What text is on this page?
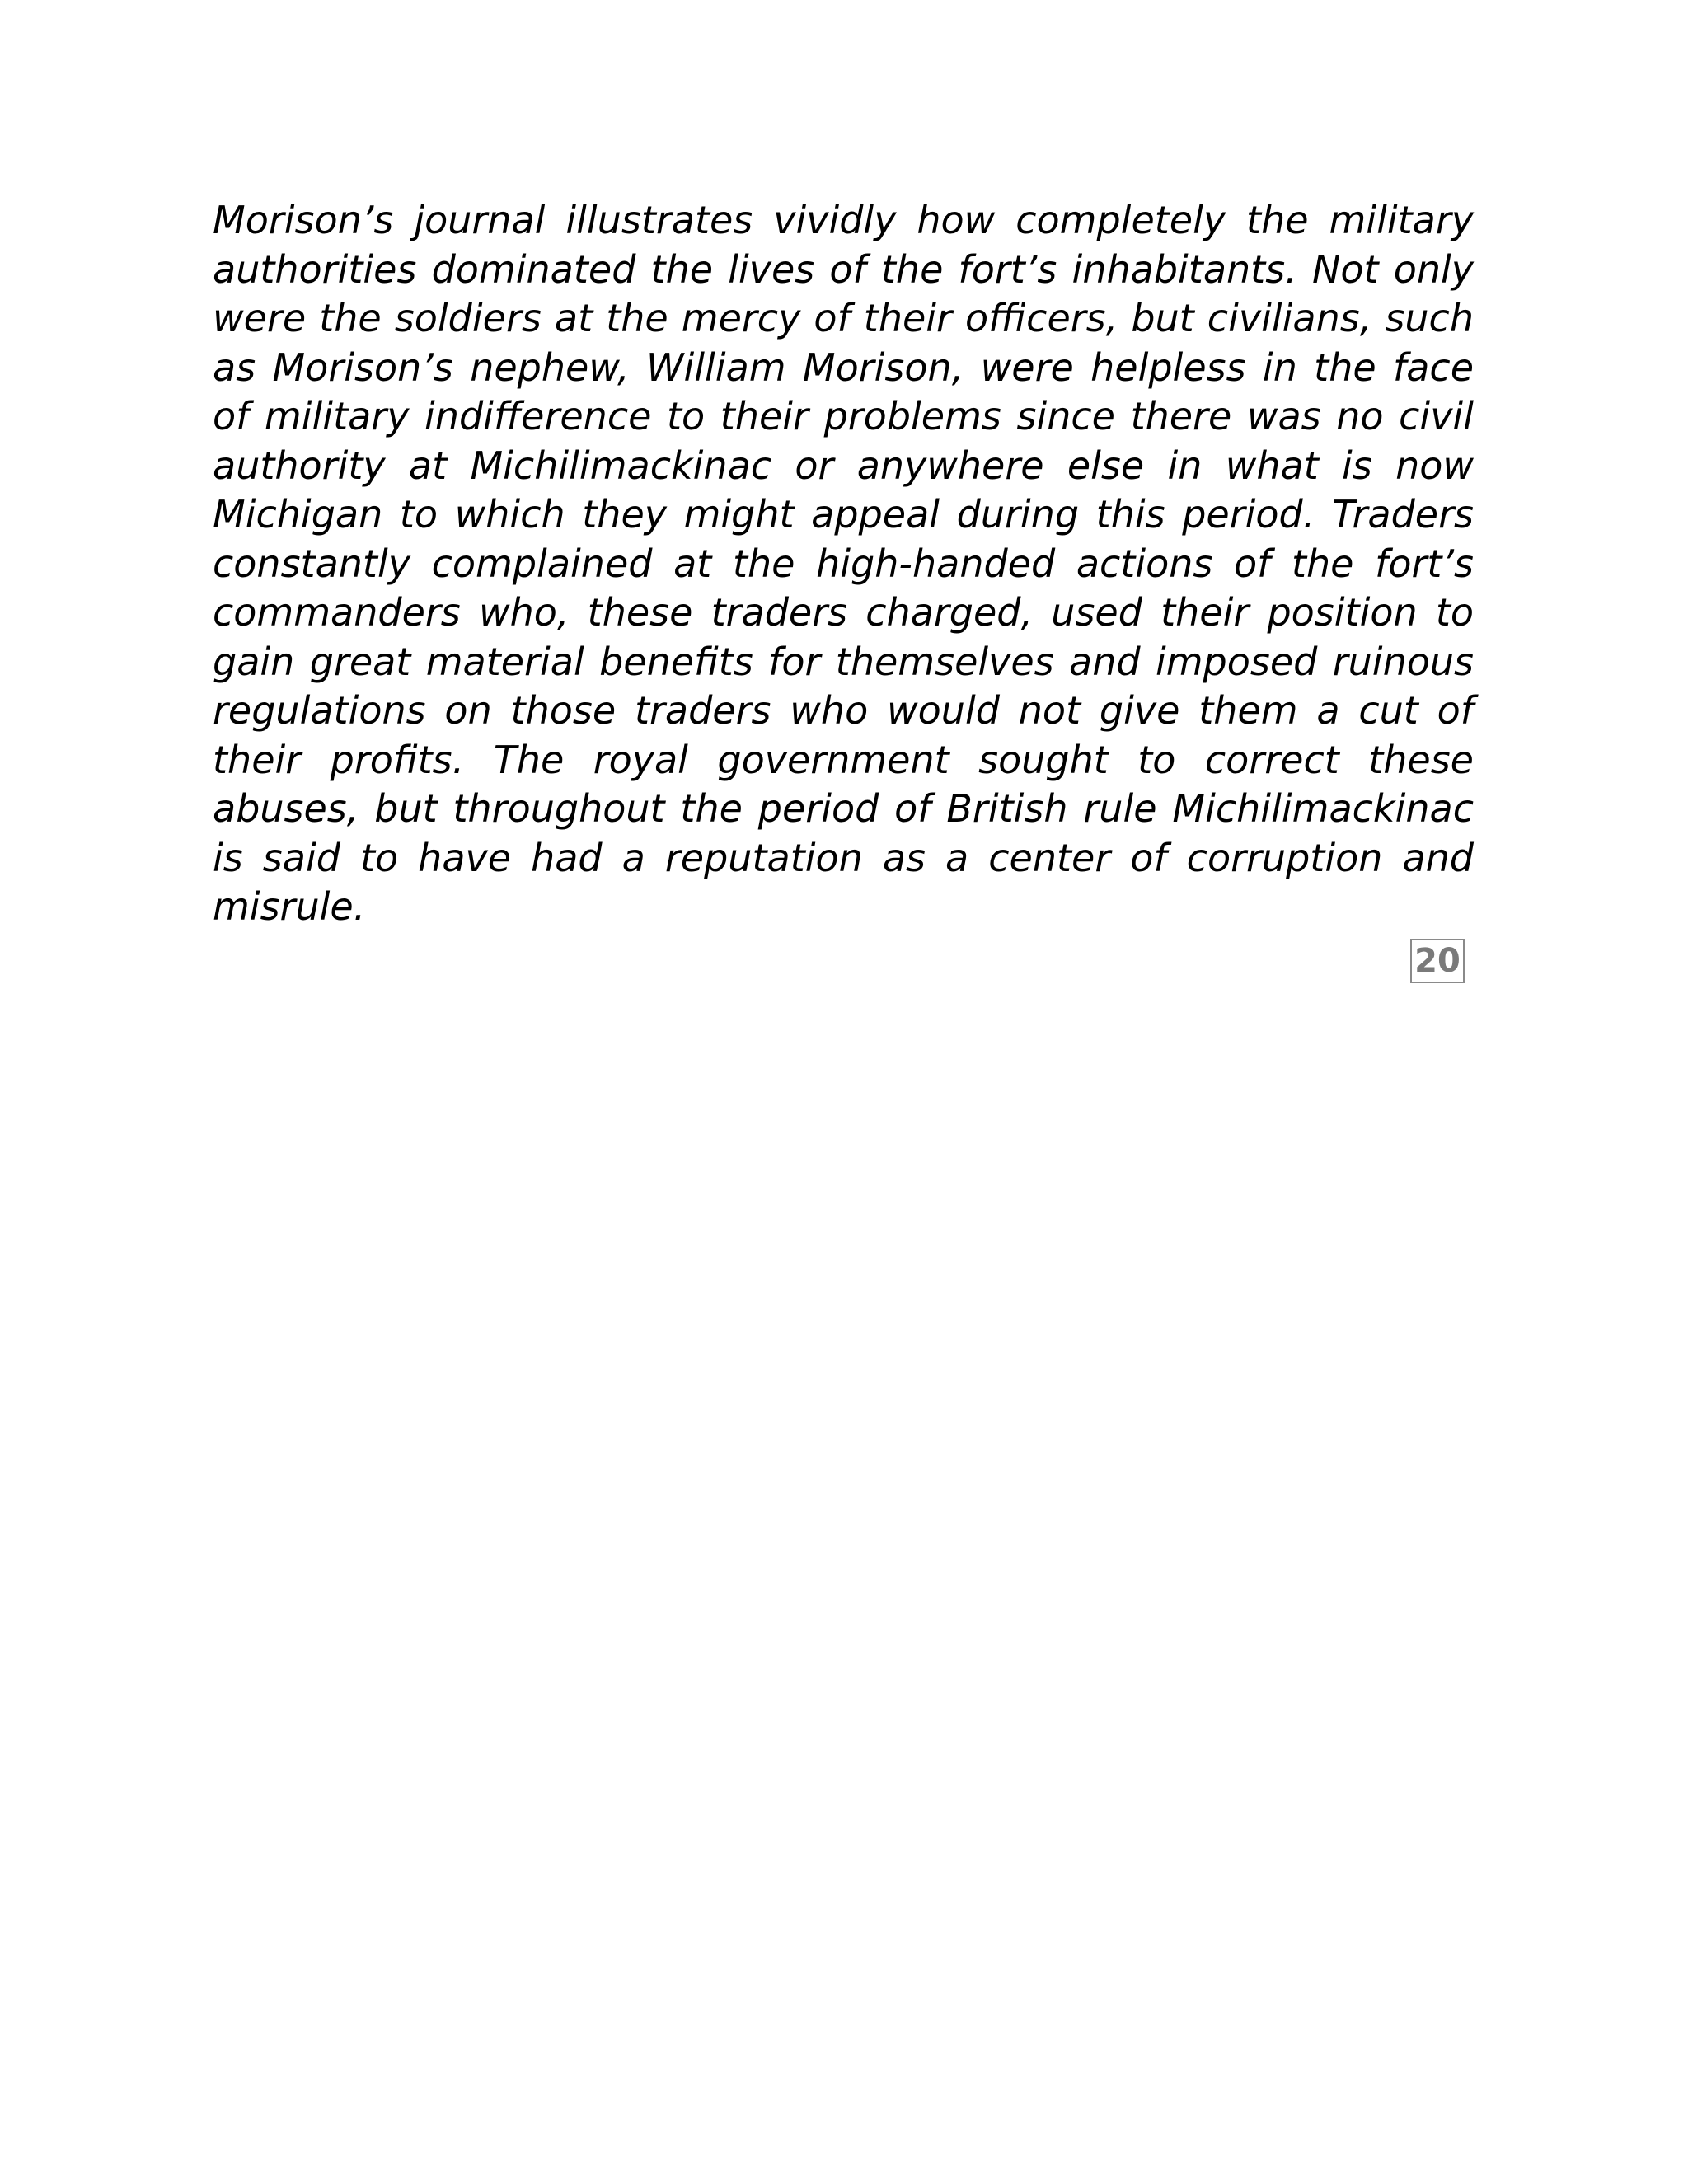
Morison’s journal illustrates vividly how completely the military authorities dominated the lives of the fort’s inhabitants. Not only were the soldiers at the mercy of their officers, but civilians, such as Morison’s nephew, William Morison, were helpless in the face of military indifference to their problems since there was no civil authority at Michilimackinac or anywhere else in what is now Michigan to which they might appeal during this period. Traders constantly complained at the high-handed actions of the fort’s commanders who, these traders charged, used their position to gain great material benefits for themselves and imposed ruinous regulations on those traders who would not give them a cut of their profits. The royal government sought to correct these abuses, but throughout the period of British rule Michilimackinac is said to have had a reputation as a center of corruption and misrule.

20
